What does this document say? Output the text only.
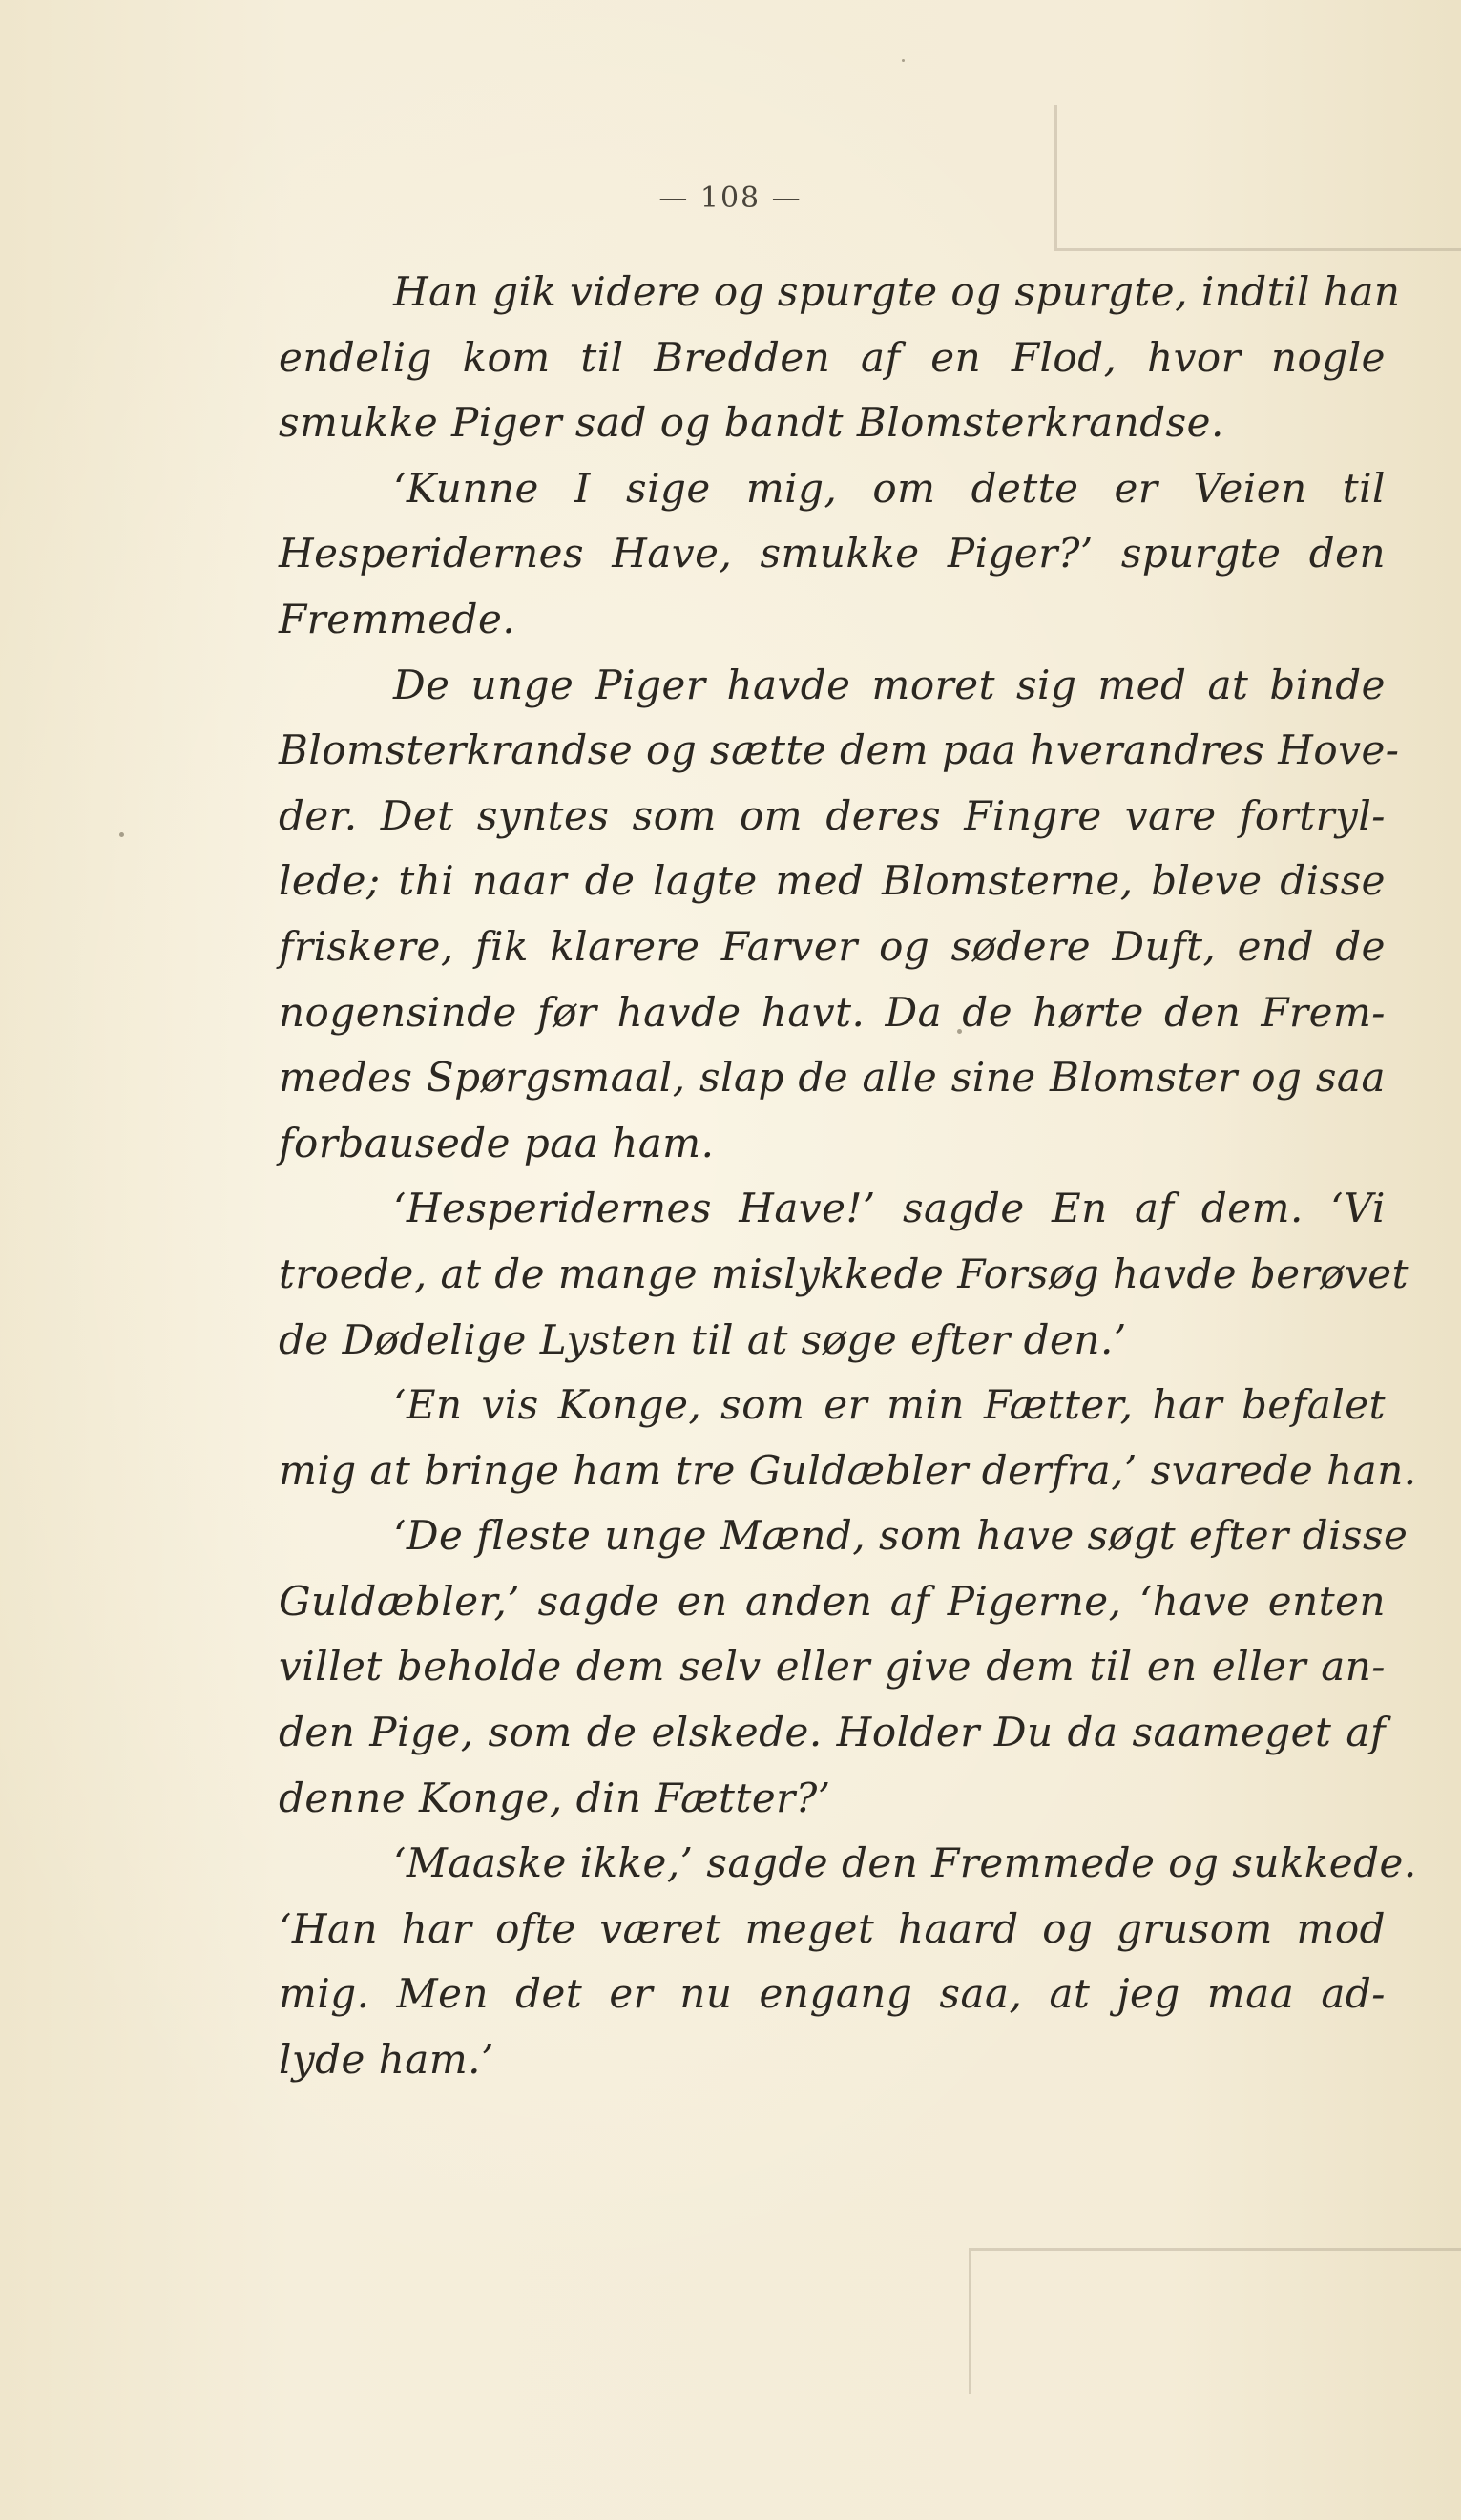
— 108 —
Han gik videre og spurgte og spurgte, indtil han
endelig kom til Bredden af en Flod, hvor nogle
smukke Piger sad og bandt Blomsterkrandse.
‘Kunne I sige mig, om dette er Veien til
Hesperidernes Have, smukke Piger?’ spurgte den
Fremmede.
De unge Piger havde moret sig med at binde
Blomsterkrandse og sætte dem paa hverandres Hove-
der. Det syntes som om deres Fingre vare fortryl-
lede; thi naar de lagte med Blomsterne, bleve disse
friskere, fik klarere Farver og sødere Duft, end de
nogensinde før havde havt. Da de hørte den Frem-
medes Spørgsmaal, slap de alle sine Blomster og saa
forbausede paa ham.
‘Hesperidernes Have!’ sagde En af dem. ‘Vi
troede, at de mange mislykkede Forsøg havde berøvet
de Dødelige Lysten til at søge efter den.’
‘En vis Konge, som er min Fætter, har befalet
mig at bringe ham tre Guldæbler derfra,’ svarede han.
‘De fleste unge Mænd, som have søgt efter disse
Guldæbler,’ sagde en anden af Pigerne, ‘have enten
villet beholde dem selv eller give dem til en eller an-
den Pige, som de elskede. Holder Du da saameget af
denne Konge, din Fætter?’
‘Maaske ikke,’ sagde den Fremmede og sukkede.
‘Han har ofte været meget haard og grusom mod
mig. Men det er nu engang saa, at jeg maa ad-
lyde ham.’
